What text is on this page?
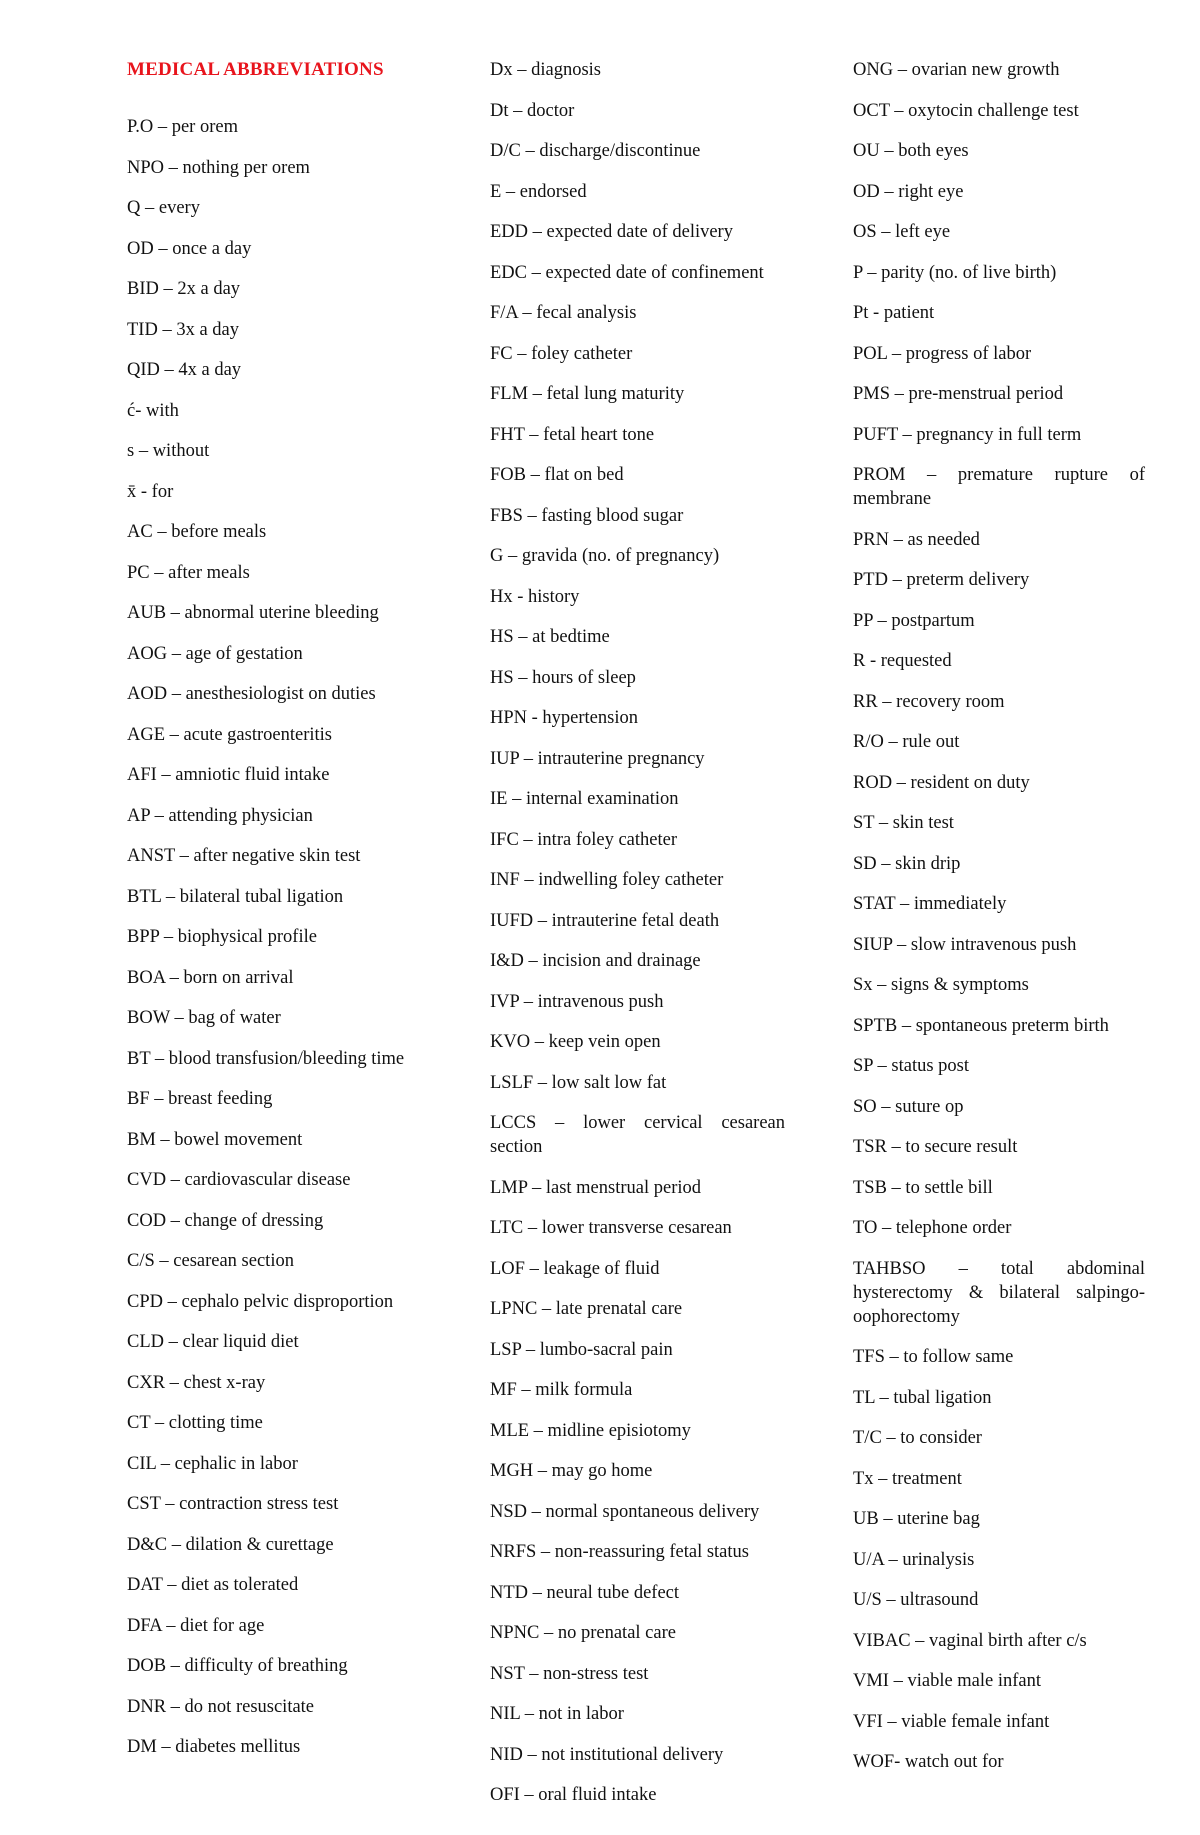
MEDICAL ABBREVIATIONS
P.O – per orem
NPO – nothing per orem
Q – every
OD – once a day
BID – 2x a day
TID – 3x a day
QID – 4x a day
ć- with
s – without
x̄ - for
AC – before meals
PC – after meals
AUB – abnormal uterine bleeding
AOG – age of gestation
AOD – anesthesiologist on duties
AGE – acute gastroenteritis
AFI – amniotic fluid intake
AP – attending physician
ANST – after negative skin test
BTL – bilateral tubal ligation
BPP – biophysical profile
BOA – born on arrival
BOW – bag of water
BT – blood transfusion/bleeding time
BF – breast feeding
BM – bowel movement
CVD – cardiovascular disease
COD – change of dressing
C/S – cesarean section
CPD – cephalo pelvic disproportion
CLD – clear liquid diet
CXR – chest x-ray
CT – clotting time
CIL – cephalic in labor
CST – contraction stress test
D&C – dilation & curettage
DAT – diet as tolerated
DFA – diet for age
DOB – difficulty of breathing
DNR – do not resuscitate
DM – diabetes mellitus
Dx – diagnosis
Dt – doctor
D/C – discharge/discontinue
E – endorsed
EDD – expected date of delivery
EDC – expected date of confinement
F/A – fecal analysis
FC – foley catheter
FLM – fetal lung maturity
FHT – fetal heart tone
FOB – flat on bed
FBS – fasting blood sugar
G – gravida (no. of pregnancy)
Hx - history
HS – at bedtime
HS – hours of sleep
HPN - hypertension
IUP – intrauterine pregnancy
IE – internal examination
IFC – intra foley catheter
INF – indwelling foley catheter
IUFD – intrauterine fetal death
I&D – incision and drainage
IVP – intravenous push
KVO – keep vein open
LSLF – low salt low fat
LCCS – lower cervical cesarean section
LMP – last menstrual period
LTC – lower transverse cesarean
LOF – leakage of fluid
LPNC – late prenatal care
LSP – lumbo-sacral pain
MF – milk formula
MLE – midline episiotomy
MGH – may go home
NSD – normal spontaneous delivery
NRFS – non-reassuring fetal status
NTD – neural tube defect
NPNC – no prenatal care
NST – non-stress test
NIL – not in labor
NID – not institutional delivery
OFI – oral fluid intake
ONG – ovarian new growth
OCT – oxytocin challenge test
OU – both eyes
OD – right eye
OS – left eye
P – parity (no. of live birth)
Pt - patient
POL – progress of labor
PMS – pre-menstrual period
PUFT – pregnancy in full term
PROM – premature rupture of membrane
PRN – as needed
PTD – preterm delivery
PP – postpartum
R - requested
RR – recovery room
R/O – rule out
ROD – resident on duty
ST – skin test
SD – skin drip
STAT – immediately
SIUP – slow intravenous push
Sx – signs & symptoms
SPTB – spontaneous preterm birth
SP – status post
SO – suture op
TSR – to secure result
TSB – to settle bill
TO – telephone order
TAHBSO – total abdominal hysterectomy & bilateral salpingo-oophorectomy
TFS – to follow same
TL – tubal ligation
T/C – to consider
Tx – treatment
UB – uterine bag
U/A – urinalysis
U/S – ultrasound
VIBAC – vaginal birth after c/s
VMI – viable male infant
VFI – viable female infant
WOF- watch out for
